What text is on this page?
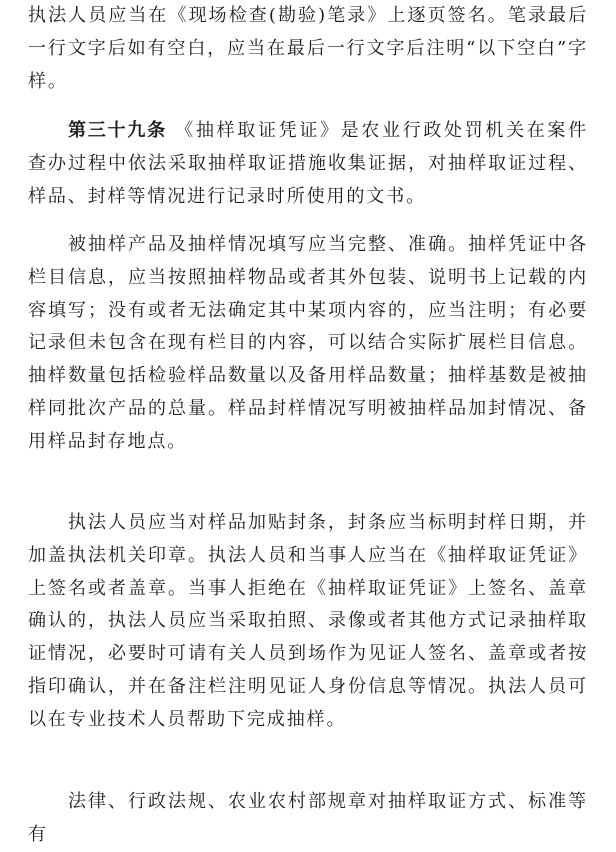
执法人员应当在《现场检查(勘验)笔录》上逐页签名。笔录最后一行文字后如有空白，应当在最后一行文字后注明“以下空白”字样。

第三十九条 《抽样取证凭证》是农业行政处罚机关在案件查办过程中依法采取抽样取证措施收集证据，对抽样取证过程、样品、封样等情况进行记录时所使用的文书。

被抽样产品及抽样情况填写应当完整、准确。抽样凭证中各栏目信息，应当按照抽样物品或者其外包装、说明书上记载的内容填写；没有或者无法确定其中某项内容的，应当注明；有必要记录但未包含在现有栏目的内容，可以结合实际扩展栏目信息。抽样数量包括检验样品数量以及备用样品数量；抽样基数是被抽样同批次产品的总量。样品封样情况写明被抽样品加封情况、备用样品封存地点。

执法人员应当对样品加贴封条，封条应当标明封样日期，并加盖执法机关印章。执法人员和当事人应当在《抽样取证凭证》上签名或者盖章。当事人拒绝在《抽样取证凭证》上签名、盖章确认的，执法人员应当采取拍照、录像或者其他方式记录抽样取证情况，必要时可请有关人员到场作为见证人签名、盖章或者按指印确认，并在备注栏注明见证人身份信息等情况。执法人员可以在专业技术人员帮助下完成抽样。

法律、行政法规、农业农村部规章对抽样取证方式、标准等有
